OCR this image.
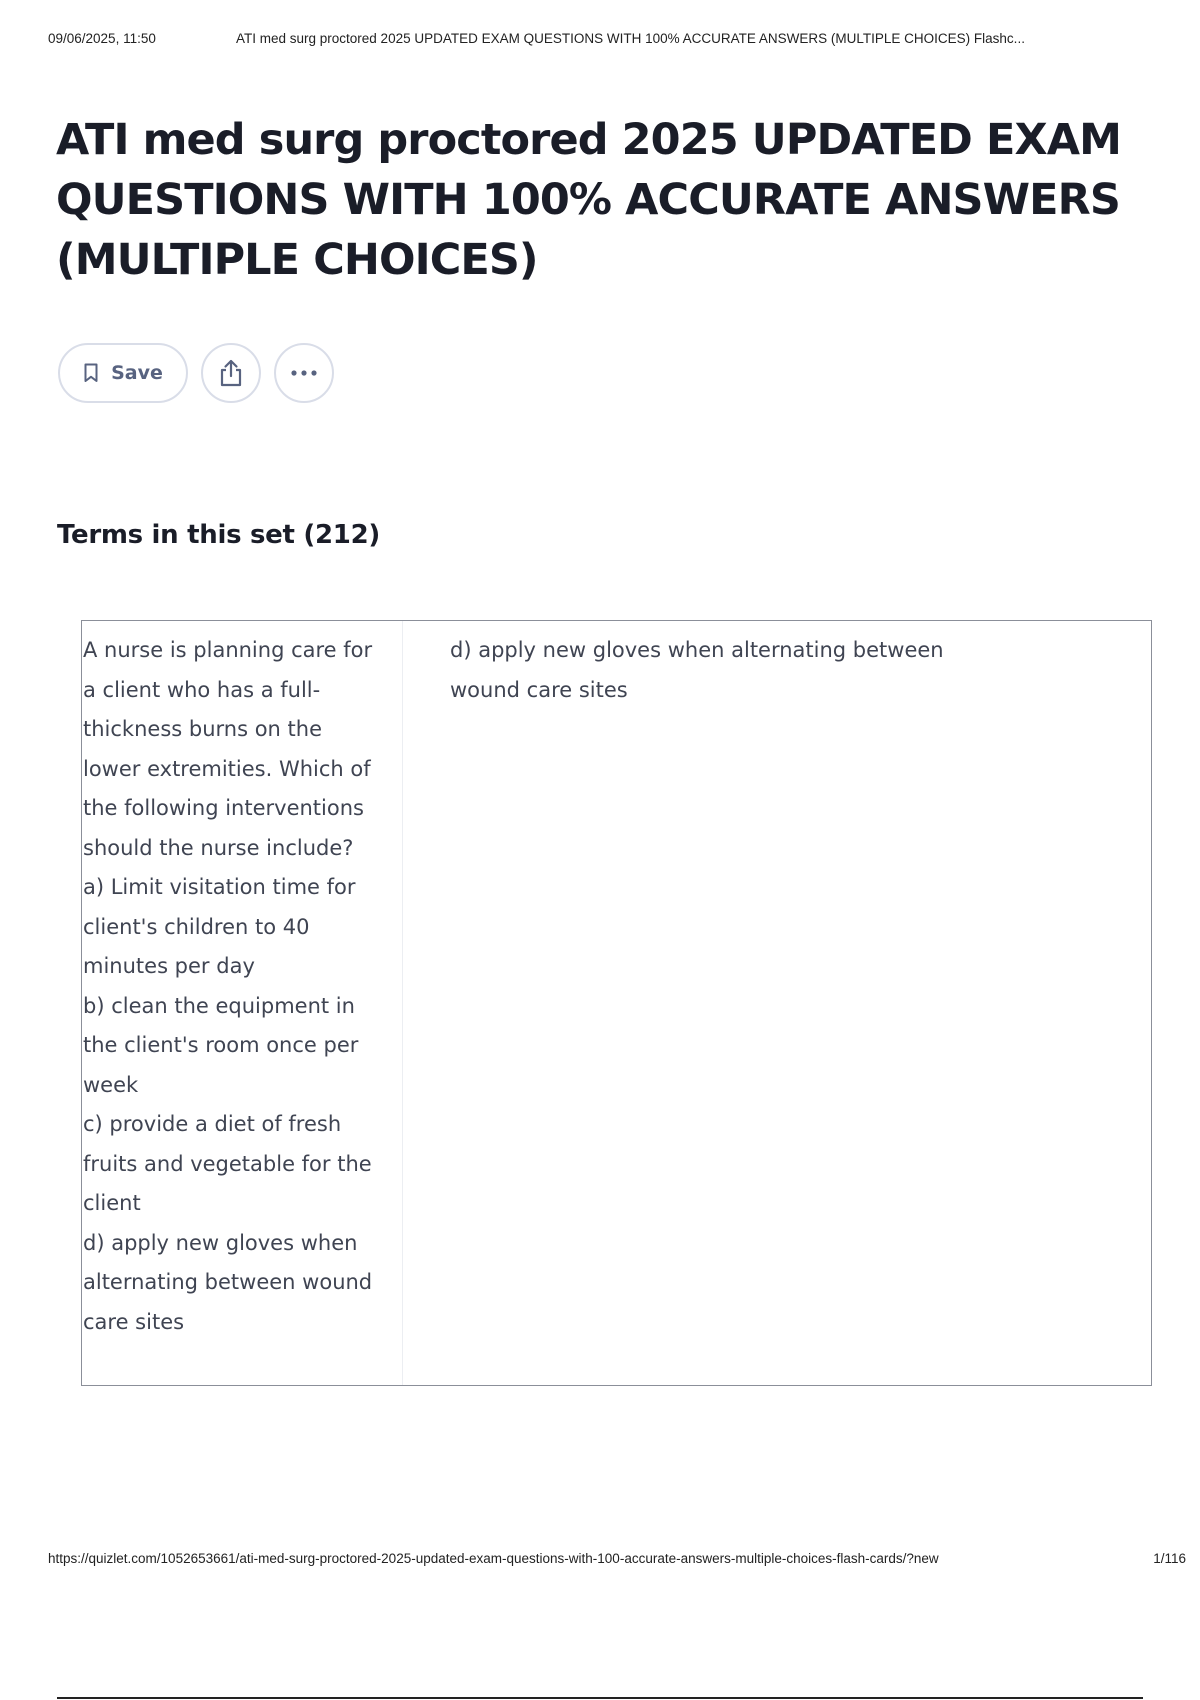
09/06/2025, 11:50	ATI med surg proctored 2025 UPDATED EXAM QUESTIONS WITH 100% ACCURATE ANSWERS (MULTIPLE CHOICES) Flashc...
ATI med surg proctored 2025 UPDATED EXAM QUESTIONS WITH 100% ACCURATE ANSWERS (MULTIPLE CHOICES)
Save
Terms in this set (212)

A nurse is planning care for a client who has a full-thickness burns on the lower extremities. Which of the following interventions should the nurse include?

a) Limit visitation time for client's children to 40 minutes per day

b) clean the equipment in the client's room once per week

c) provide a diet of fresh fruits and vegetable for the client

d) apply new gloves when alternating between wound care sites

d) apply new gloves when alternating between wound care sites
https://quizlet.com/1052653661/ati-med-surg-proctored-2025-updated-exam-questions-with-100-accurate-answers-multiple-choices-flash-cards/?new	1/116
